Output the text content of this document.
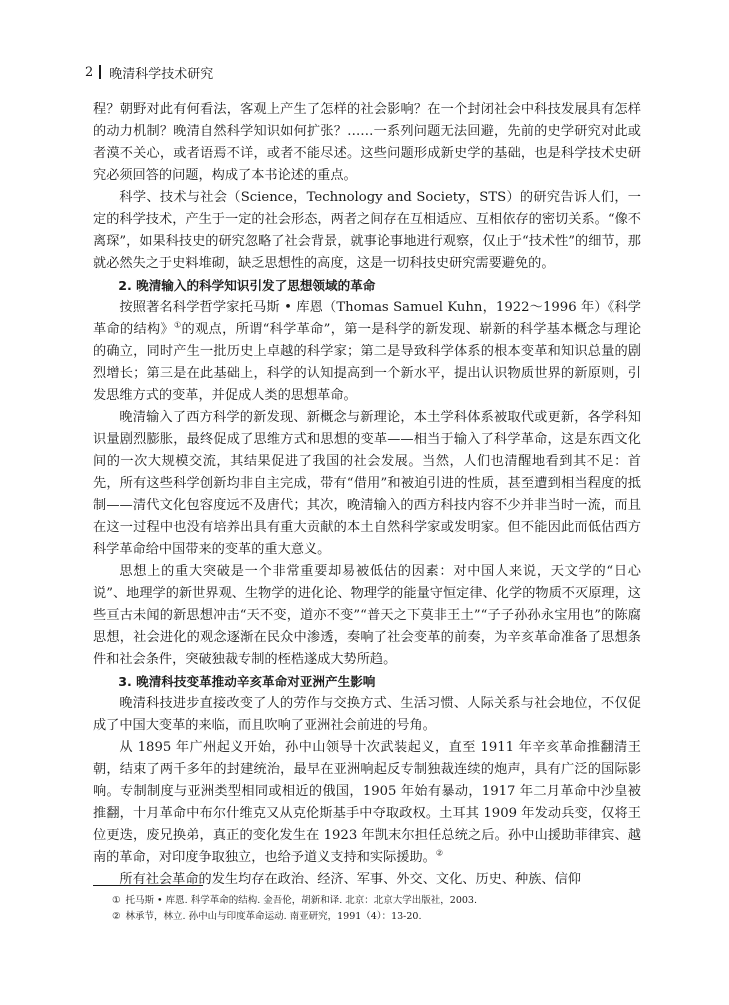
2 晚清科学技术研究

程？朝野对此有何看法，客观上产生了怎样的社会影响？在一个封闭社会中科技发展具有怎样的动力机制？晚清自然科学知识如何扩张？……一系列问题无法回避，先前的史学研究对此或者漠不关心，或者语焉不详，或者不能尽述。这些问题形成新史学的基础，也是科学技术史研究必须回答的问题，构成了本书论述的重点。

科学、技术与社会（Science，Technology and Society，STS）的研究告诉人们，一定的科学技术，产生于一定的社会形态，两者之间存在互相适应、互相依存的密切关系。“像不离琛”，如果科技史的研究忽略了社会背景，就事论事地进行观察，仅止于“技术性”的细节，那就必然失之于史料堆砌，缺乏思想性的高度，这是一切科技史研究需要避免的。

2. 晚清输入的科学知识引发了思想领域的革命

按照著名科学哲学家托马斯 • 库恩（Thomas Samuel Kuhn，1922～1996 年）《科学革命的结构》①的观点，所谓“科学革命”，第一是科学的新发现、崭新的科学基本概念与理论的确立，同时产生一批历史上卓越的科学家；第二是导致科学体系的根本变革和知识总量的剧烈增长；第三是在此基础上，科学的认知提高到一个新水平，提出认识物质世界的新原则，引发思维方式的变革，并促成人类的思想革命。

晚清输入了西方科学的新发现、新概念与新理论，本土学科体系被取代或更新，各学科知识量剧烈膨胀，最终促成了思维方式和思想的变革——相当于输入了科学革命，这是东西文化间的一次大规模交流，其结果促进了我国的社会发展。当然，人们也清醒地看到其不足：首先，所有这些科学创新均非自主完成，带有“借用”和被迫引进的性质，甚至遭到相当程度的抵制——清代文化包容度远不及唐代；其次，晚清输入的西方科技内容不少并非当时一流，而且在这一过程中也没有培养出具有重大贡献的本土自然科学家或发明家。但不能因此而低估西方科学革命给中国带来的变革的重大意义。

思想上的重大突破是一个非常重要却易被低估的因素：对中国人来说，天文学的“日心说”、地理学的新世界观、生物学的进化论、物理学的能量守恒定律、化学的物质不灭原理，这些亘古未闻的新思想冲击“天不变，道亦不变”“普天之下莫非王土”“子子孙孙永宝用也”的陈腐思想，社会进化的观念逐渐在民众中渗透，奏响了社会变革的前奏，为辛亥革命准备了思想条件和社会条件，突破独裁专制的桎梏遂成大势所趋。

3. 晚清科技变革推动辛亥革命对亚洲产生影响

晚清科技进步直接改变了人的劳作与交换方式、生活习惯、人际关系与社会地位，不仅促成了中国大变革的来临，而且吹响了亚洲社会前进的号角。

从 1895 年广州起义开始，孙中山领导十次武装起义，直至 1911 年辛亥革命推翻清王朝，结束了两千多年的封建统治，最早在亚洲响起反专制独裁连续的炮声，具有广泛的国际影响。专制制度与亚洲类型相同或相近的俄国，1905 年始有暴动，1917 年二月革命中沙皇被推翻，十月革命中布尔什维克又从克伦斯基手中夺取政权。土耳其 1909 年发动兵变，仅将王位更迭，废兄换弟，真正的变化发生在 1923 年凯末尔担任总统之后。孙中山援助菲律宾、越南的革命，对印度争取独立，也给予道义支持和实际援助。②

所有社会革命的发生均存在政治、经济、军事、外交、文化、历史、种族、信仰

① 托马斯 • 库恩. 科学革命的结构. 金吾伦，胡新和译. 北京：北京大学出版社，2003.
② 林承节，林立. 孙中山与印度革命运动. 南亚研究，1991（4）：13-20.
